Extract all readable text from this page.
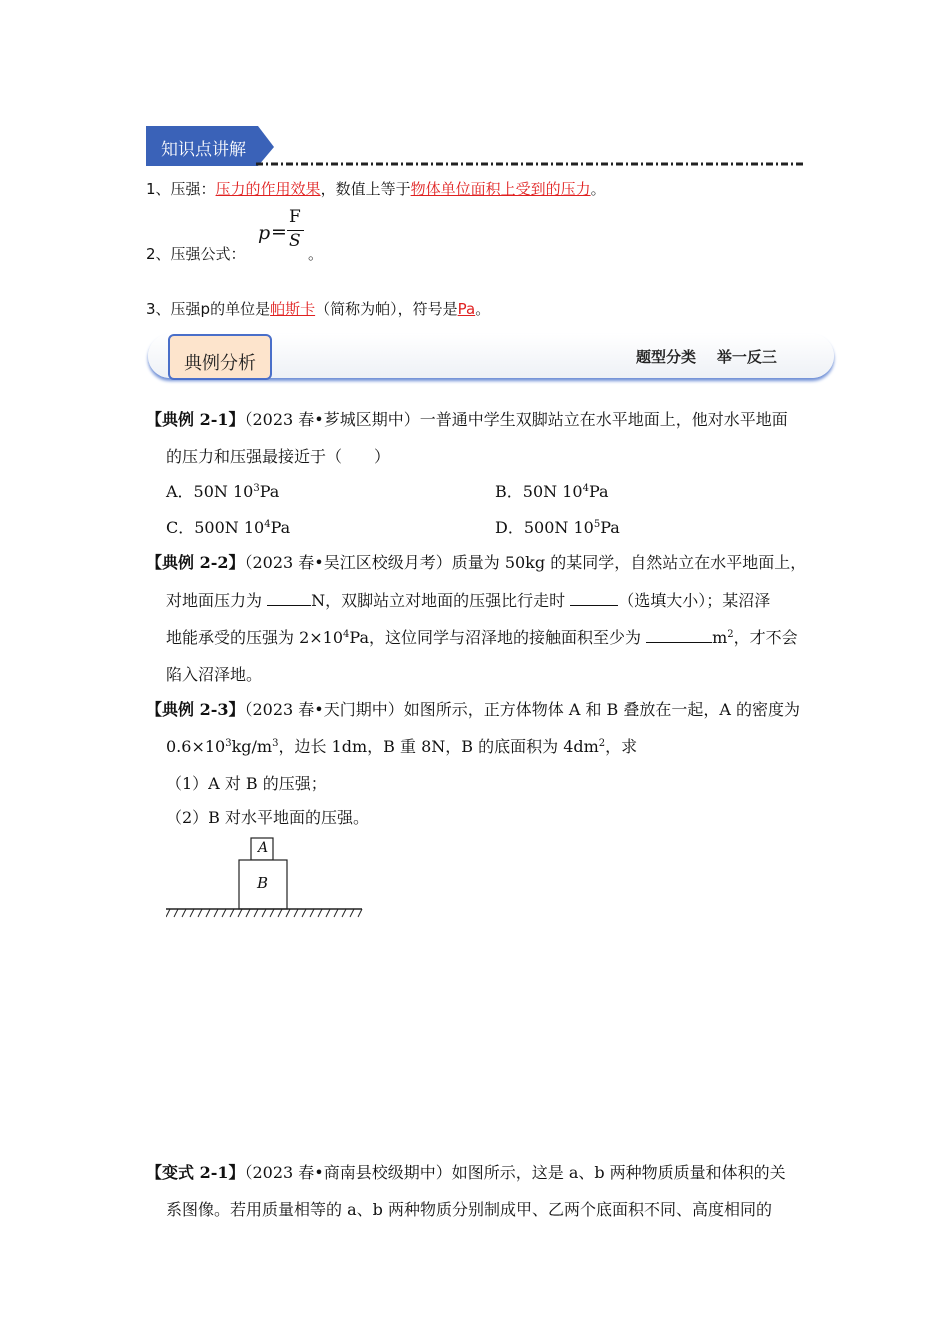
知识点讲解
1、压强：压力的作用效果，数值上等于物体单位面积上受到的压力。
2、压强公式：
p =
F
S
。
3、压强p的单位是帕斯卡（简称为帕），符号是Pa。
典例分析	题型分类    举一反三
【典例 2-1】（2023 春•芗城区期中）一普通中学生双脚站立在水平地面上，他对水平地面
的压力和压强最接近于（　　）
A．50N $10^3Pa$	B．50N $10^4Pa$
C．500N $10^4Pa$	D．500N $10^5Pa$
【典例 2-2】（2023 春•吴江区校级月考）质量为 50kg 的某同学，自然站立在水平地面上，
对地面压力为	N，双脚站立对地面的压强比行走时	（选填大小）；某沼泽
地能承受的压强为 $2\times 10^4Pa$，这位同学与沼泽地的接触面积至少为	$m^2$，才不会
陷入沼泽地。
【典例 2-3】（2023 春•天门期中）如图所示，正方体物体 A 和 B 叠放在一起，A 的密度为
$0.6\times 10^3kg/m^3$，边长 1dm，B 重 8N，B 的底面积为 $4dm^2$，求
（1）A 对 B 的压强；
（2）B 对水平地面的压强。
A
B
【变式 2-1】（2023 春•商南县校级期中）如图所示，这是 a、b 两种物质质量和体积的关
系图像。若用质量相等的 a、b 两种物质分别制成甲、乙两个底面积不同、高度相同的
